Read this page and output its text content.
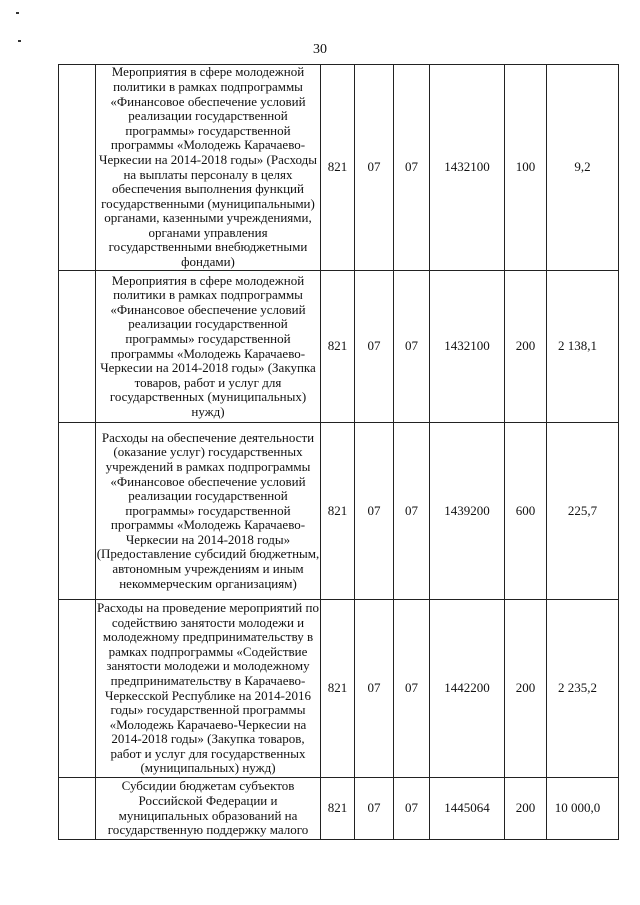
30
	Мероприятия в сфере молодежной политики в рамках подпрограммы «Финансовое обеспечение условий реализации государственной программы» государственной программы «Молодежь Карачаево-Черкесии на 2014-2018 годы» (Расходы на выплаты персоналу в целях обеспечения выполнения функций государственными (муниципальными) органами, казенными учреждениями, органами управления государственными внебюджетными фондами)	821	07	07	1432100	100	9,2
	Мероприятия в сфере молодежной политики в рамках подпрограммы «Финансовое обеспечение условий реализации государственной программы» государственной программы «Молодежь Карачаево-Черкесии на 2014-2018 годы» (Закупка товаров, работ и услуг для государственных (муниципальных) нужд)	821	07	07	1432100	200	2 138,1
	Расходы на обеспечение деятельности (оказание услуг) государственных учреждений в рамках подпрограммы «Финансовое обеспечение условий реализации государственной программы» государственной программы «Молодежь Карачаево-Черкесии на 2014-2018 годы» (Предоставление субсидий бюджетным, автономным учреждениям и иным некоммерческим организациям)	821	07	07	1439200	600	225,7
	Расходы на проведение мероприятий по содействию занятости молодежи и молодежному предпринимательству в рамках подпрограммы «Содействие занятости молодежи и молодежному предпринимательству в Карачаево-Черкесской Республике на 2014-2016 годы» государственной программы «Молодежь Карачаево-Черкесии на 2014-2018 годы» (Закупка товаров, работ и услуг для государственных (муниципальных) нужд)	821	07	07	1442200	200	2 235,2
	Субсидии бюджетам субъектов Российской Федерации и муниципальных образований на государственную поддержку малого	821	07	07	1445064	200	10 000,0
